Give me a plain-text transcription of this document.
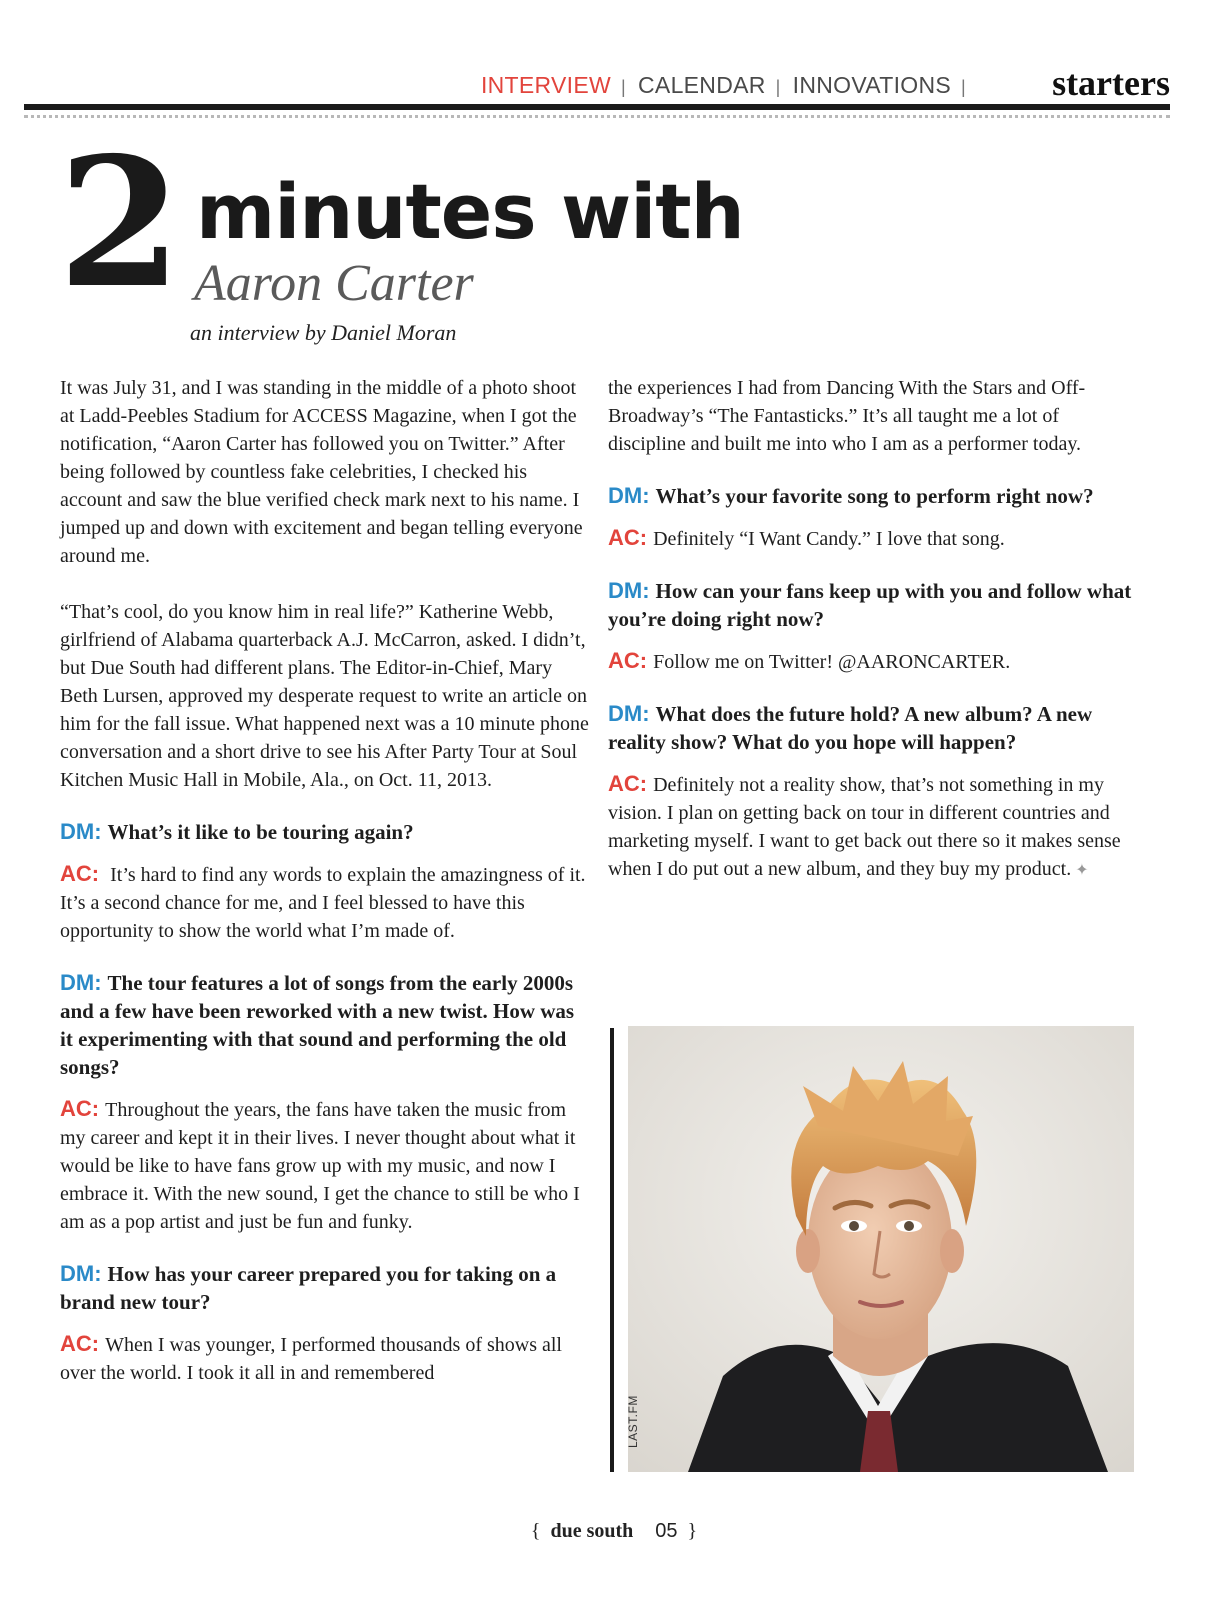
INTERVIEW | CALENDAR | INNOVATIONS |	starters
2 minutes with
Aaron Carter
an interview by Daniel Moran

It was July 31, and I was standing in the middle of a photo shoot at Ladd-Peebles Stadium for ACCESS Magazine, when I got the notification, “Aaron Carter has followed you on Twitter.” After being followed by countless fake celebrities, I checked his account and saw the blue verified check mark next to his name. I jumped up and down with excitement and began telling everyone around me.

“That’s cool, do you know him in real life?” Katherine Webb, girlfriend of Alabama quarterback A.J. McCarron, asked. I didn’t, but Due South had different plans. The Editor-in-Chief, Mary Beth Lursen, approved my desperate request to write an article on him for the fall issue. What happened next was a 10 minute phone conversation and a short drive to see his After Party Tour at Soul Kitchen Music Hall in Mobile, Ala., on Oct. 11, 2013.

DM: What’s it like to be touring again?

AC: It’s hard to find any words to explain the amazingness of it. It’s a second chance for me, and I feel blessed to have this opportunity to show the world what I’m made of.

DM: The tour features a lot of songs from the early 2000s and a few have been reworked with a new twist. How was it experimenting with that sound and performing the old songs?

AC: Throughout the years, the fans have taken the music from my career and kept it in their lives. I never thought about what it would be like to have fans grow up with my music, and now I embrace it. With the new sound, I get the chance to still be who I am as a pop artist and just be fun and funky.

DM: How has your career prepared you for taking on a brand new tour?

AC: When I was younger, I performed thousands of shows all over the world. I took it all in and remembered

the experiences I had from Dancing With the Stars and Off-Broadway’s “The Fantasticks.” It’s all taught me a lot of discipline and built me into who I am as a performer today.

DM: What’s your favorite song to perform right now?

AC: Definitely “I Want Candy.” I love that song.

DM: How can your fans keep up with you and follow what you’re doing right now?

AC: Follow me on Twitter! @AARONCARTER.

DM: What does the future hold? A new album? A new reality show? What do you hope will happen?

AC: Definitely not a reality show, that’s not something in my vision. I plan on getting back on tour in different countries and marketing myself. I want to get back out there so it makes sense when I do put out a new album, and they buy my product. ✦

LAST.FM
{ due south 05 }
